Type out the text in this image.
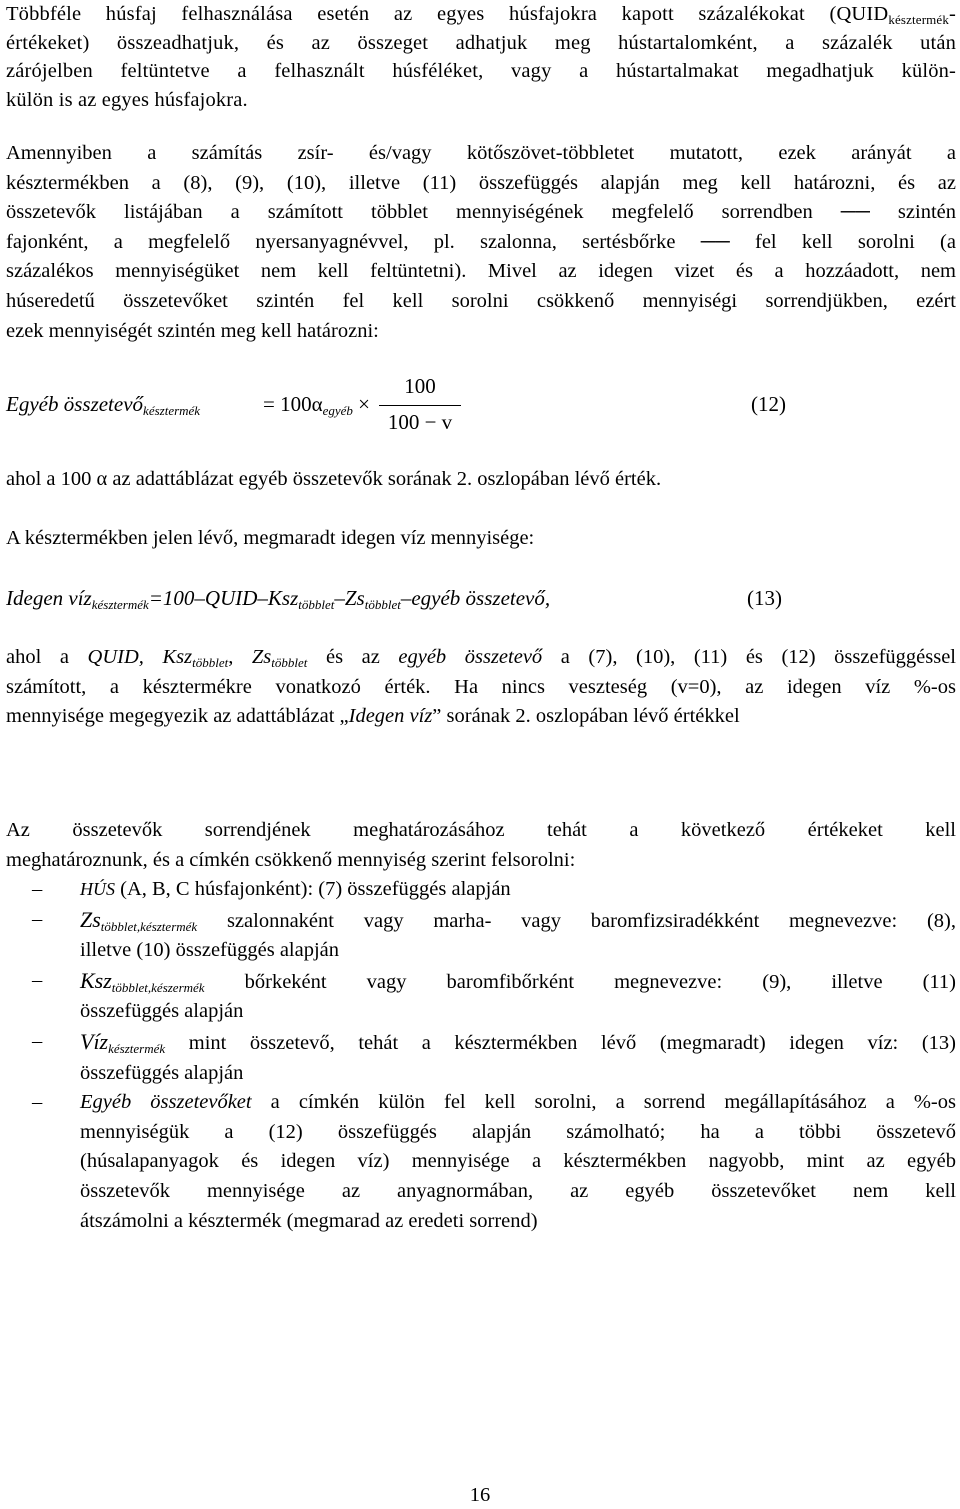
Többféle húsfaj felhasználása esetén az egyes húsfajokra kapott százalékokat ($QUID_{késztermék}-$
értékeket) összeadhatjuk, és az összeget adhatjuk meg hústartalomként, a százalék után
zárójelben feltüntetve a felhasznált húsféléket, vagy a hústartalmakat megadhatjuk külön-
külön is az egyes húsfajokra.
Amennyiben a számítás zsír- és/vagy kötőszövet-többletet mutatott, ezek arányát a
késztermékben a (8), (9), (10), illetve (11) összefüggés alapján meg kell határozni, és az
összetevők listájában a számított többlet mennyiségének megfelelő sorrendben ── szintén
fajonként, a megfelelő nyersanyagnévvel, pl. szalonna, sertésbőrke ── fel kell sorolni (a
százalékos mennyiségüket nem kell feltüntetni). Mivel az idegen vizet és a hozzáadott, nem
húseredetű összetevőket szintén fel kell sorolni csökkenő mennyiségi sorrendjükben, ezért
ezek mennyiségét szintén meg kell határozni:
Egyéb összetevő$_{késztermék}$	= $100\alpha_{egyéb}$ ×
100
100 − v
(12)
ahol a 100 α az adattáblázat egyéb összetevők sorának 2. oszlopában lévő érték.
A késztermékben jelen lévő, megmaradt idegen víz mennyisége:
Idegen $víz_{késztermék}=100-QUID-Ksz_{többlet}-Zs_{többlet}$–egyéb összetevő,	(13)
ahol a QUID, Ksz$_{többlet}$, $Zs_{többlet}$ és az egyéb összetevő a (7), (10), (11) és (12) összefüggéssel
számított, a késztermékre vonatkozó érték. Ha nincs veszteség (v=0), az idegen víz %-os
mennyisége megegyezik az adattáblázat „Idegen víz” sorának 2. oszlopában lévő értékkel
Az összetevők sorrendjének meghatározásához tehát a következő értékeket kell
meghatároznunk, és a címkén csökkenő mennyiség szerint felsorolni:
–	HÚS (A, B, C húsfajonként): (7) összefüggés alapján
–	$Zs_{többlet,késztermék}$ szalonnaként vagy marha- vagy baromfizsiradékként megnevezve: (8),
illetve (10) összefüggés alapján
–	Ksz$_{többlet,készermék}$ bőrkeként vagy baromfibőrként megnevezve: (9), illetve (11)
összefüggés alapján
–	Víz$_{késztermék}$ mint összetevő, tehát a késztermékben lévő (megmaradt) idegen víz: (13)
összefüggés alapján
–	Egyéb összetevőket a címkén külön fel kell sorolni, a sorrend megállapításához a %-os
mennyiségük a (12) összefüggés alapján számolható; ha a többi összetevő
(húsalapanyagok és idegen víz) mennyisége a késztermékben nagyobb, mint az egyéb
összetevők mennyisége az anyagnormában, az egyéb összetevőket nem kell
átszámolni a késztermék (megmarad az eredeti sorrend)
16
